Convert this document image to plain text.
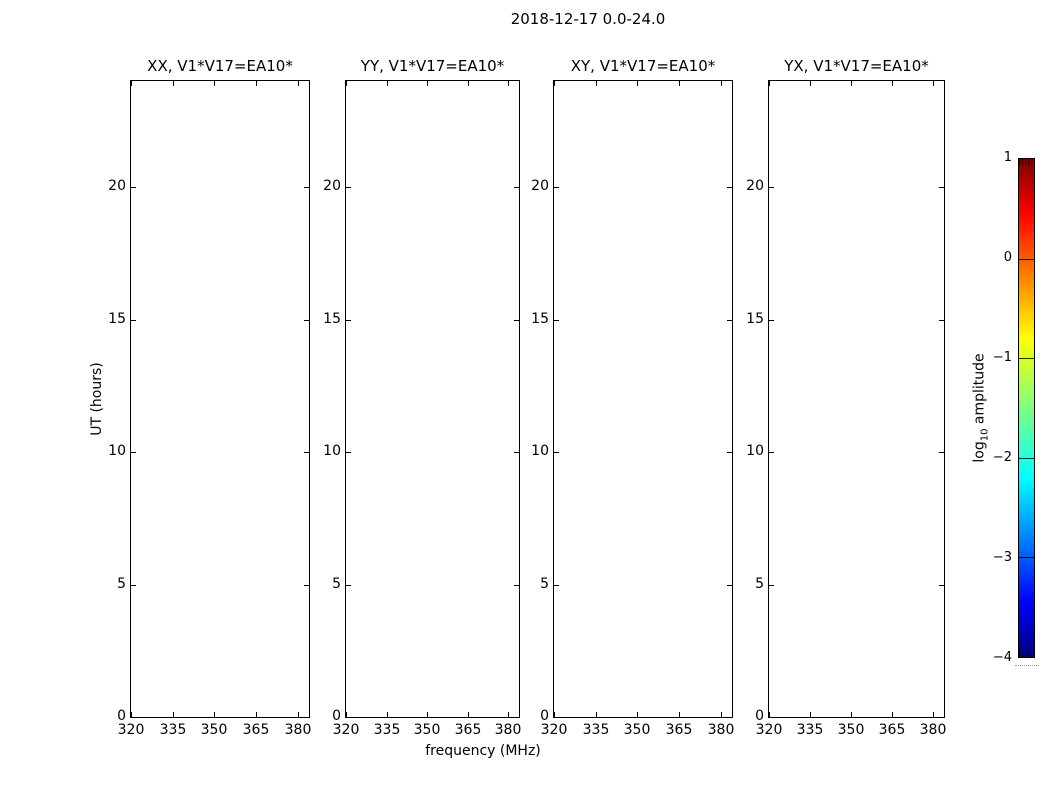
2018-12-17 0.0-24.0
UT (hours)
frequency (MHz)
$\log_{10}$ amplitude
XX, V1*V17=EA10*
320 335 350 365 380
0
5
10
15
20
YY, V1*V17=EA10*
320 335 350 365 380
0
5
10
15
20
XY, V1*V17=EA10*
320 335 350 365 380
0
5
10
15
20
YX, V1*V17=EA10*
320 335 350 365 380
0
5
10
15
20
1
0
−1
−2
−3
−4
